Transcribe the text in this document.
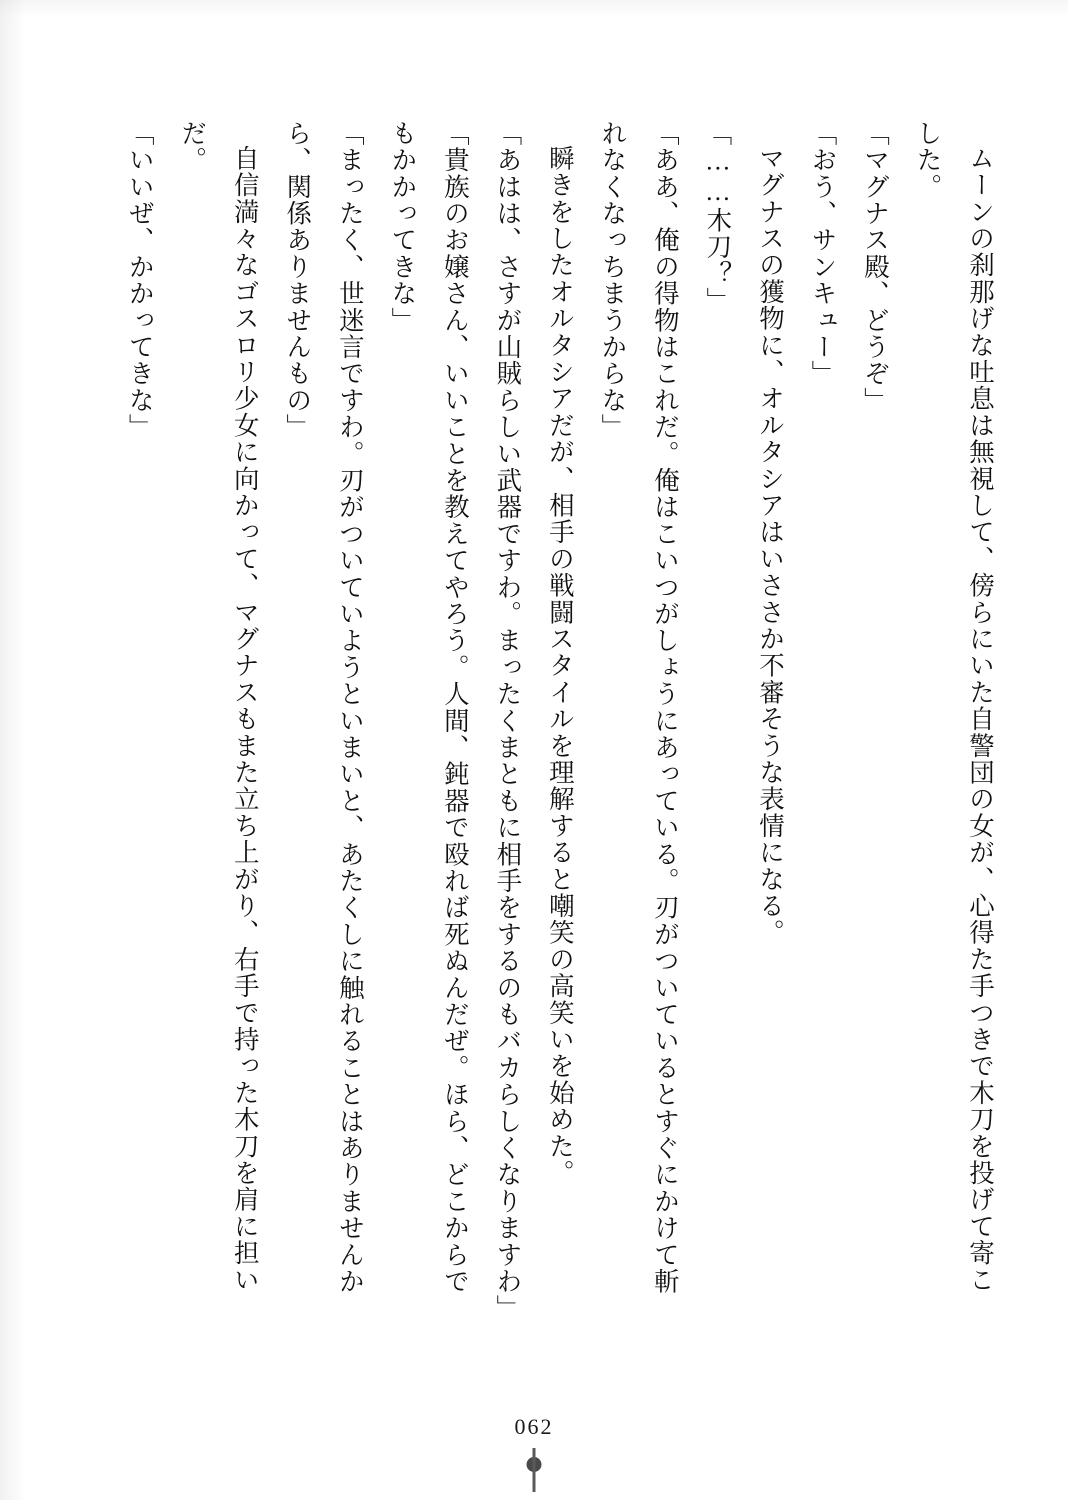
ムーンの刹那げな吐息は無視して、傍らにいた自警団の女が、心得た手つきで木刀を投げて寄こした。

「マグナス殿、どうぞ」

「おう、サンキュー」

マグナスの獲物に、オルタシアはいささか不審そうな表情になる。

「……木刀？」

「ああ、俺の得物はこれだ。俺はこいつがしょうにあっている。刃がついているとすぐにかけて斬れなくなっちまうからな」

瞬きをしたオルタシアだが、相手の戦闘スタイルを理解すると嘲笑の高笑いを始めた。

「あはは、さすが山賊らしい武器ですわ。まったくまともに相手をするのもバカらしくなりますわ」

「貴族のお嬢さん、いいことを教えてやろう。人間、鈍器で殴れば死ぬんだぜ。ほら、どこからでもかかってきな」

「まったく、世迷言ですわ。刃がついていようといまいと、あたくしに触れることはありませんから、関係ありませんもの」

自信満々なゴスロリ少女に向かって、マグナスもまた立ち上がり、右手で持った木刀を肩に担いだ。

「いいぜ、かかってきな」

062
